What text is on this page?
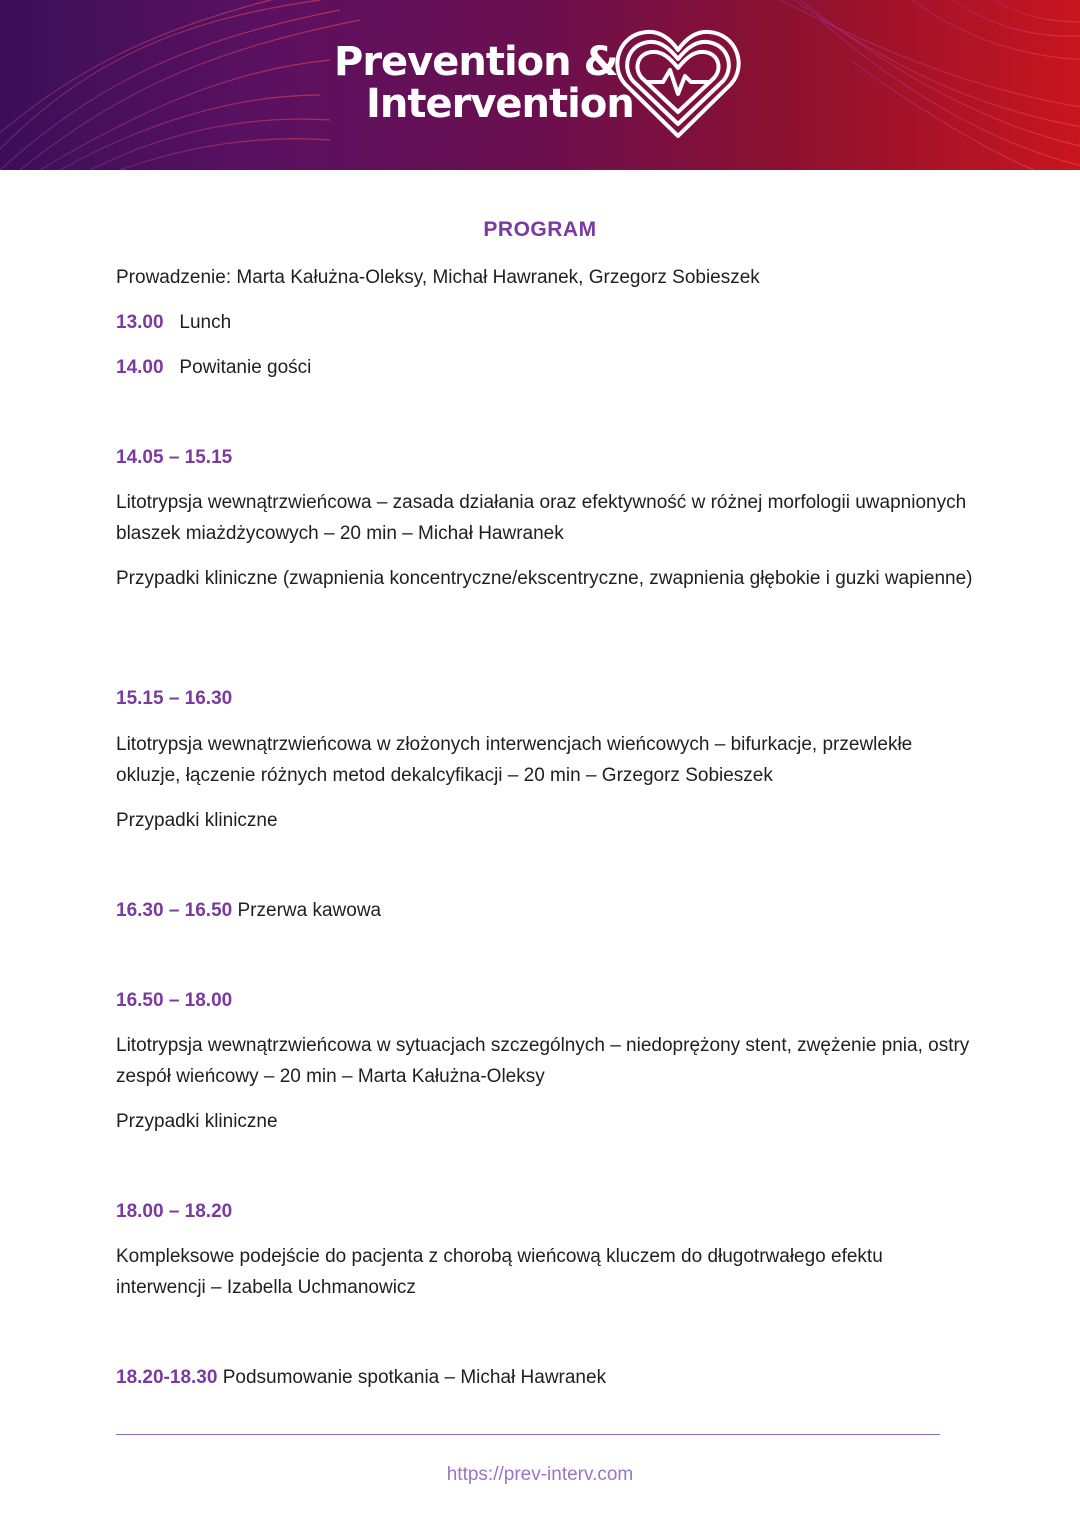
Prevention &
Intervention
PROGRAM
Prowadzenie: Marta Kałużna-Oleksy, Michał Hawranek, Grzegorz Sobieszek
13.00 Lunch
14.00 Powitanie gości
14.05 – 15.15
Litotrypsja wewnątrzwieńcowa – zasada działania oraz efektywność w różnej morfologii uwapnionych blaszek miażdżycowych – 20 min – Michał Hawranek
Przypadki kliniczne (zwapnienia koncentryczne/ekscentryczne, zwapnienia głębokie i guzki wapienne)
15.15 – 16.30
Litotrypsja wewnątrzwieńcowa w złożonych interwencjach wieńcowych – bifurkacje, przewlekłe okluzje, łączenie różnych metod dekalcyfikacji – 20 min – Grzegorz Sobieszek
Przypadki kliniczne
16.30 – 16.50 Przerwa kawowa
16.50 – 18.00
Litotrypsja wewnątrzwieńcowa w sytuacjach szczególnych – niedoprężony stent, zwężenie pnia, ostry zespół wieńcowy – 20 min – Marta Kałużna-Oleksy
Przypadki kliniczne
18.00 – 18.20
Kompleksowe podejście do pacjenta z chorobą wieńcową kluczem do długotrwałego efektu interwencji – Izabella Uchmanowicz
18.20-18.30 Podsumowanie spotkania – Michał Hawranek
https://prev-interv.com
